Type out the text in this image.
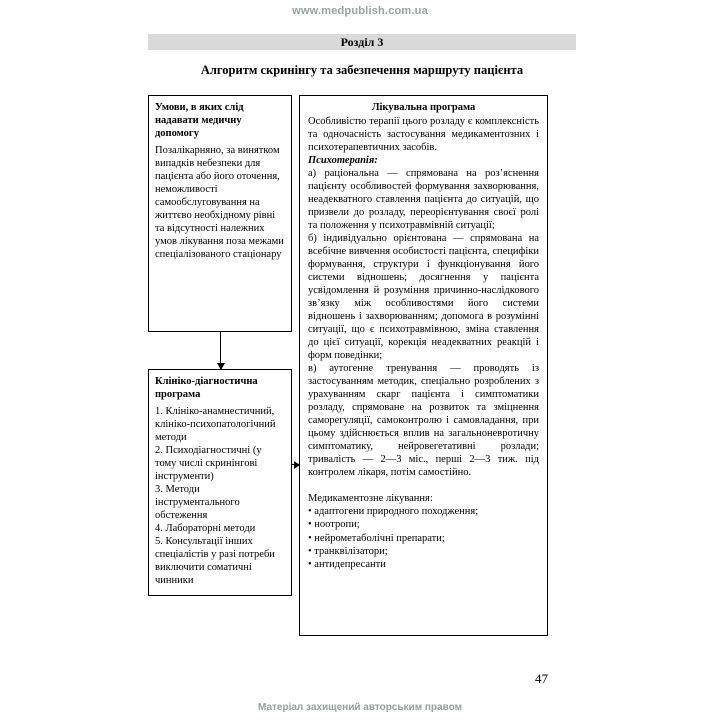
www.medpublish.com.ua
Розділ 3
Алгоритм скринінгу та забезпечення маршруту пацієнта
Умови, в яких слід надавати медичну допомогу
Позалікарняно, за винятком випадків небезпеки для пацієнта або його оточення, неможливості самообслуговування на життєво необхідному рівні та відсутності належних умов лікування поза межами спеціалізованого стаціонару
Клініко-діагностична програма
1. Клініко-анамнестичний, клініко-психопатологічний методи
2. Психодіагностичні (у тому числі скринінгові інструменти)
3. Методи інструментального обстеження
4. Лабораторні методи
5. Консультації інших спеціалістів у разі потреби виключити соматичні чинники
Лікувальна програма
Особливістю терапії цього розладу є комплексність та одночасність застосування медикаментозних і психотерапевтичних засобів.
Психотерапія:
а) раціональна — спрямована на роз’яснення пацієнту особливостей формування захворювання, неадекватного ставлення пацієнта до ситуацій, що призвели до розладу, переорієнтування своєї ролі та положення у психотравмівній ситуації;
б) індивідуально орієнтована — спрямована на всебічне вивчення особистості пацієнта, специфіки формування, структури і функціонування його системи відношень; досягнення у пацієнта усвідомлення й розуміння причинно-наслідкового зв’язку між особливостями його системи відношень і захворюванням; допомога в розумінні ситуації, що є психотравмівною, зміна ставлення до цієї ситуації, корекція неадекватних реакцій і форм поведінки;
в) аутогенне тренування — проводять із застосуванням методик, спеціально розроблених з урахуванням скарг пацієнта і симптоматики розладу, спрямоване на розвиток та зміцнення саморегуляції, самоконтролю і самовладання, при цьому здійснюється вплив на загальноневротичну симптоматику, нейровегетативні розлади; тривалість — 2—3 міс., перші 2—3 тиж. під контролем лікаря, потім самостійно.
Медикаментозне лікування:
• адаптогени природного походження;
• ноотропи;
• нейрометаболічні препарати;
• транквілізатори;
• антидепресанти
47
Матеріал захищений авторським правом
